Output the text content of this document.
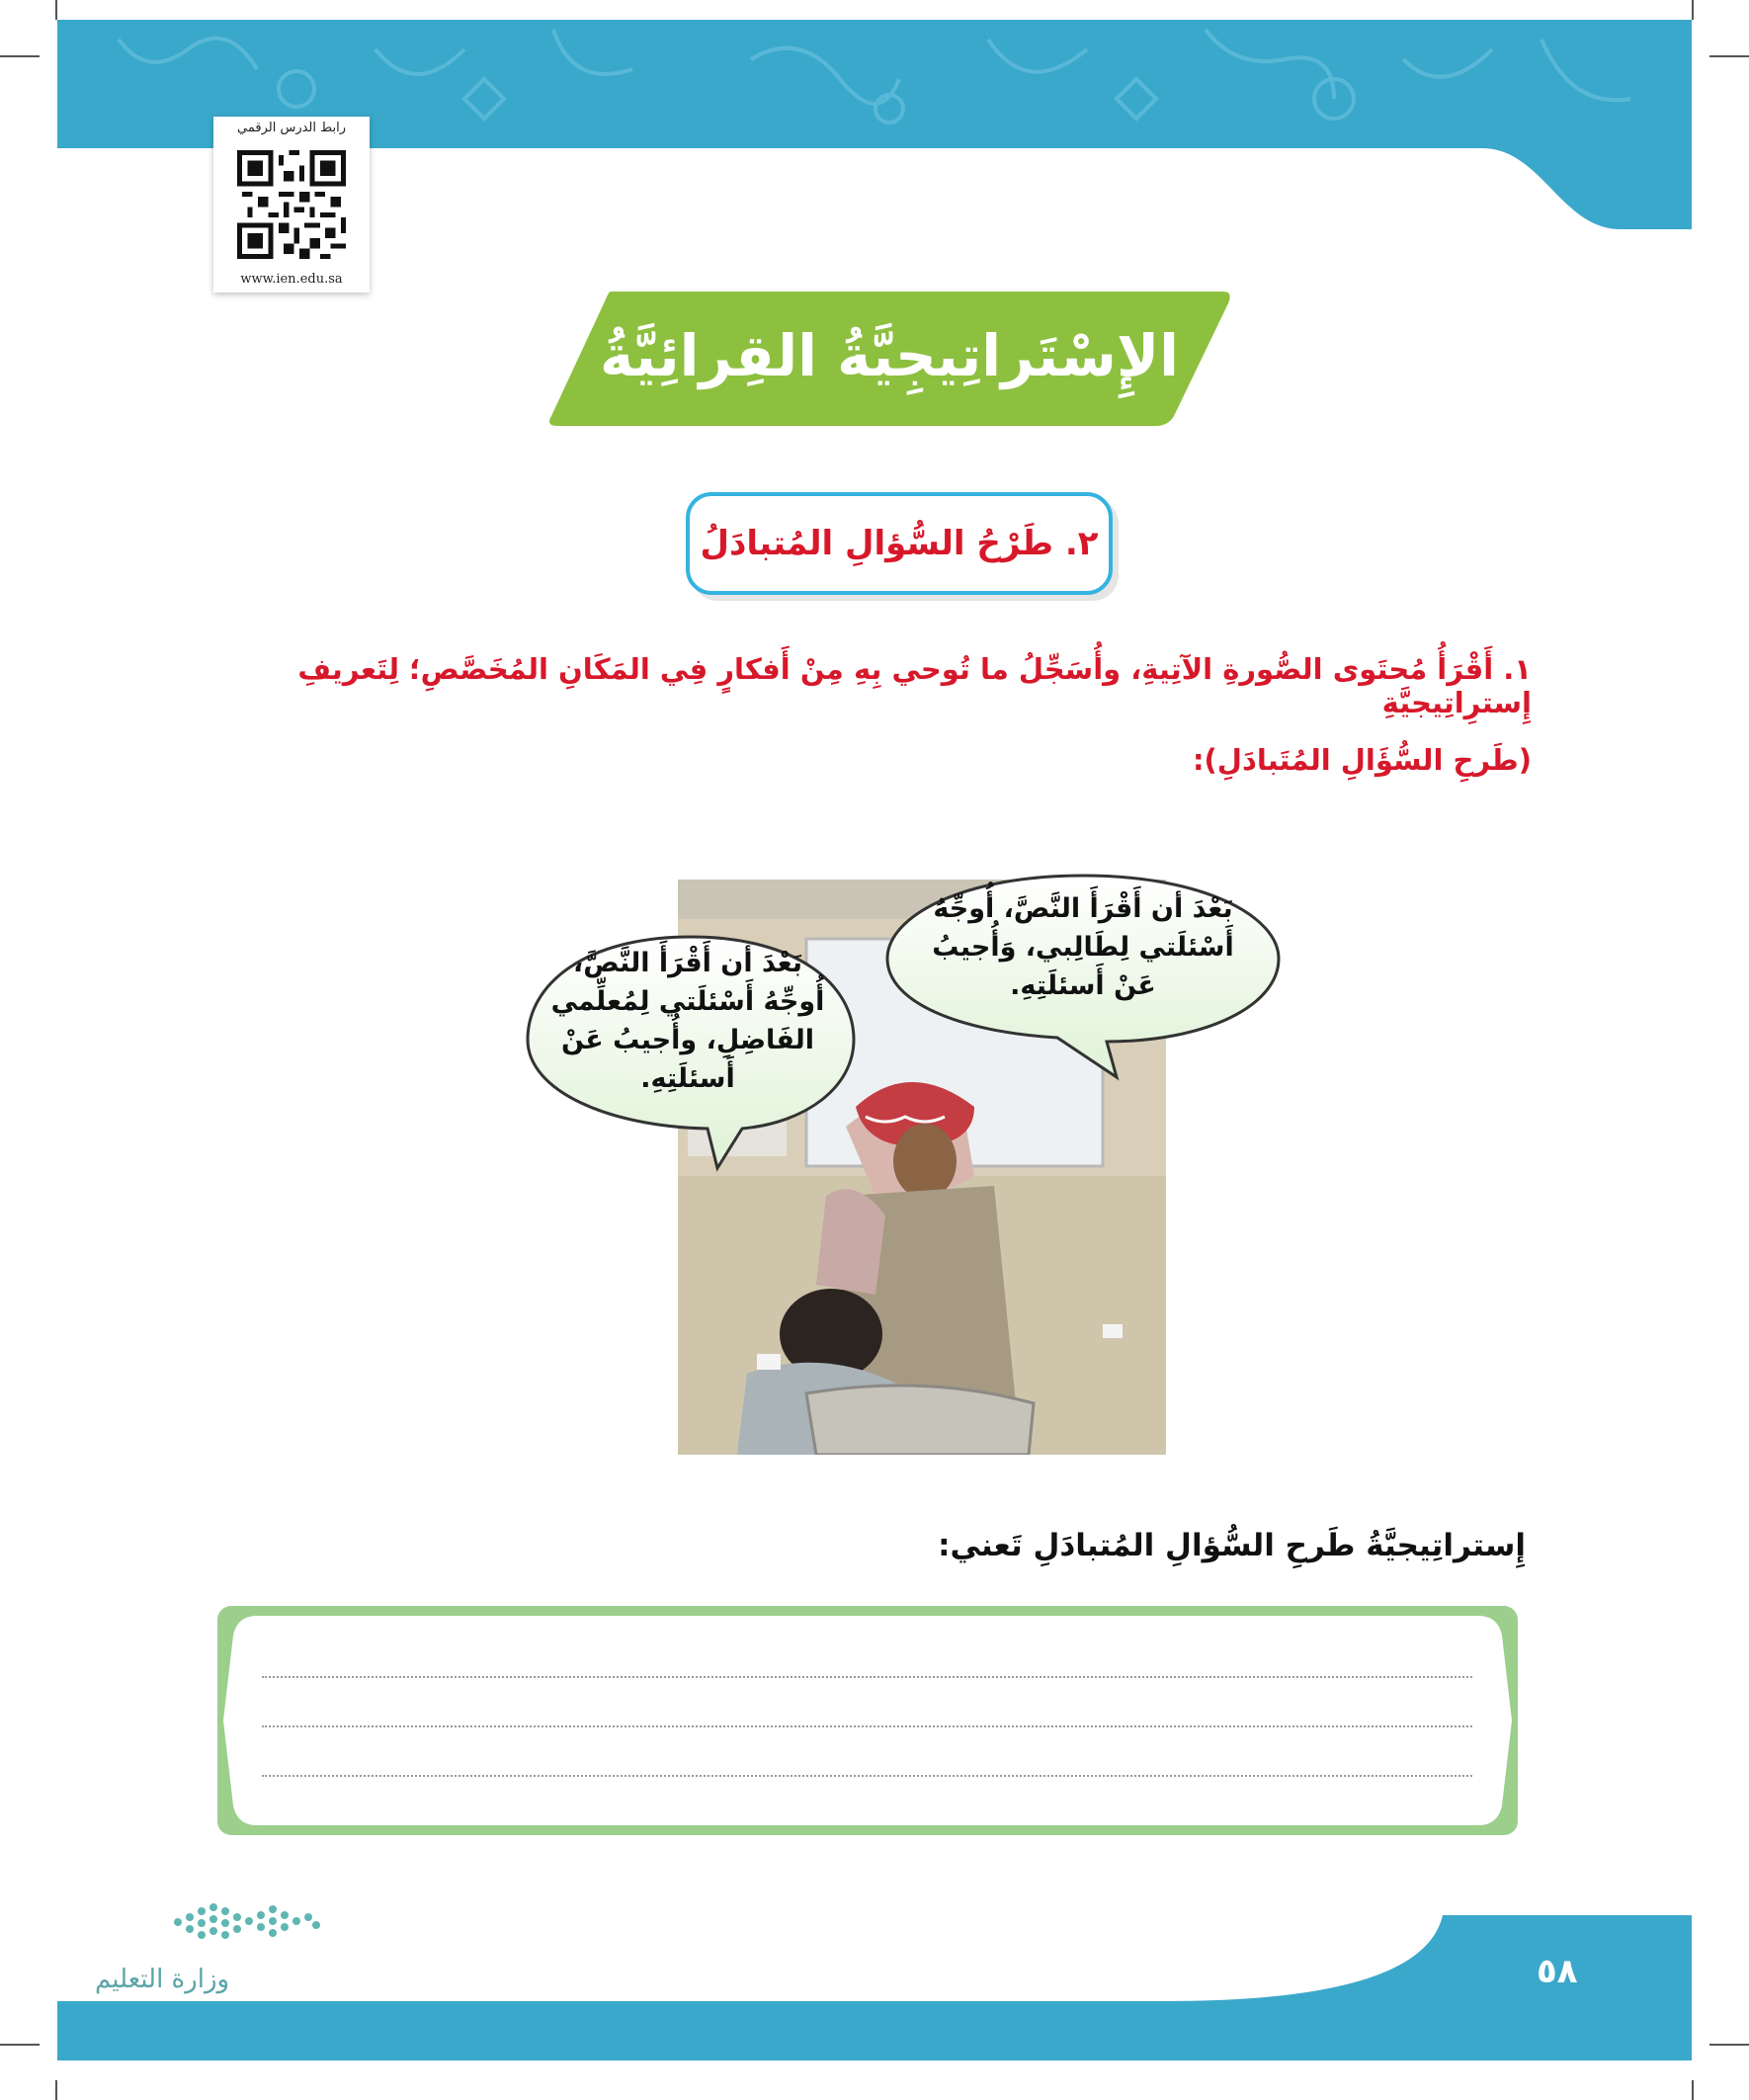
رابط الدرس الرقمي
www.ien.edu.sa
الإِسْتَراتِيجِيَّةُ القِرائِيَّةُ
٢. طَرْحُ السُّؤالِ المُتبادَلُ
١. أَقْرَأُ مُحتَوى الصُّورةِ الآتِيةِ، وأُسَجِّلُ ما تُوحي بِهِ مِنْ أَفكارٍ فِي المَكَانِ المُخَصَّصِ؛ لِتَعريفِ إِسترِاتِيجيَّةِ
(طَرحِ السُّؤَالِ المُتَبادَلِ):
بَعْدَ أن أَقْرَأَ النَّصَّ، أُوجِّهُ أَسْئلَتي لِطَالِبي، وَأُجيبُ عَنْ أَسئلَتِهِ.
بَعْدَ أن أَقْرَأَ النَّصَّ، أُوجِّهُ أَسْئلَتي لِمُعلِّمي الفَاضِلِ، وأُجيبُ عَنْ أَسئلَتِهِ.
إِستراتِيجيَّةُ طَرحِ السُّؤالِ المُتبادَلِ تَعني:
٥٨
وزارة التعليم
